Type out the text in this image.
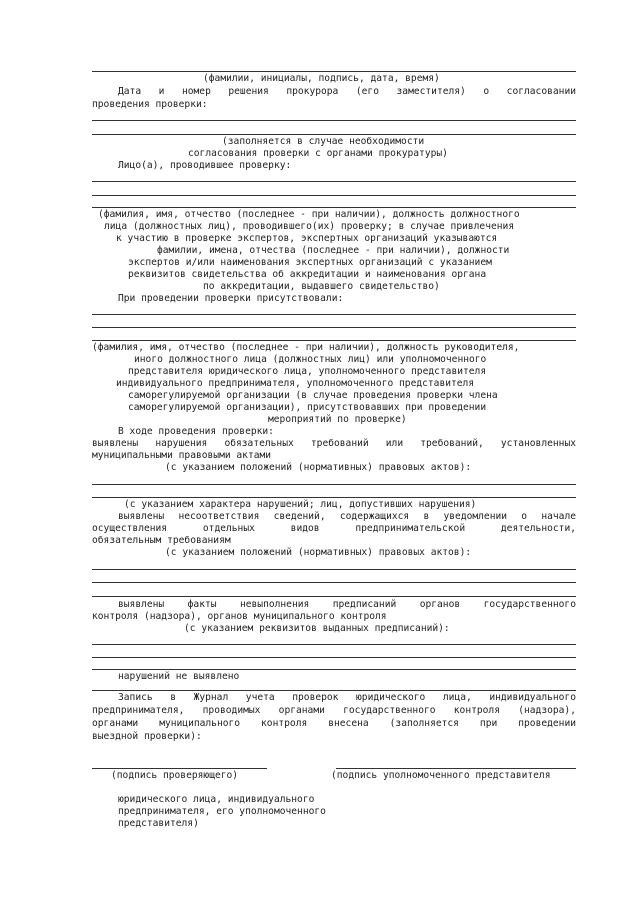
(фамилии, инициалы, подпись, дата, время)
Дата и номер решения прокурора (его заместителя) о согласовании
проведения проверки:
(заполняется в случае необходимости
согласования проверки с органами прокуратуры)
Лицо(а), проводившее проверку:
(фамилия, имя, отчество (последнее - при наличии), должность должностного
лица (должностных лиц), проводившего(их) проверку; в случае привлечения
к участию в проверке экспертов, экспертных организаций указываются
фамилии, имена, отчества (последнее - при наличии), должности
экспертов и/или наименования экспертных организаций с указанием
реквизитов свидетельства об аккредитации и наименования органа
по аккредитации, выдавшего свидетельство)
При проведении проверки присутствовали:
(фамилия, имя, отчество (последнее - при наличии), должность руководителя,
иного должностного лица (должностных лиц) или уполномоченного
представителя юридического лица, уполномоченного представителя
индивидуального предпринимателя, уполномоченного представителя
саморегулируемой организации (в случае проведения проверки члена
саморегулируемой организации), присутствовавших при проведении
мероприятий по проверке)
В ходе проведения проверки:
выявлены нарушения обязательных требований или требований, установленных
муниципальными правовыми актами
(с указанием положений (нормативных) правовых актов):
(с указанием характера нарушений; лиц, допустивших нарушения)
выявлены несоответствия сведений, содержащихся в уведомлении о начале
осуществления отдельных видов предпринимательской деятельности,
обязательным требованиям
(с указанием положений (нормативных) правовых актов):
выявлены факты невыполнения предписаний органов государственного
контроля (надзора), органов муниципального контроля
(с указанием реквизитов выданных предписаний):
нарушений не выявлено
Запись в Журнал учета проверок юридического лица, индивидуального
предпринимателя, проводимых органами государственного контроля (надзора),
органами муниципального контроля внесена (заполняется при проведении
выездной проверки):
(подпись проверяющего)	(подпись уполномоченного представителя
юридического лица, индивидуального
предпринимателя, его уполномоченного
представителя)
